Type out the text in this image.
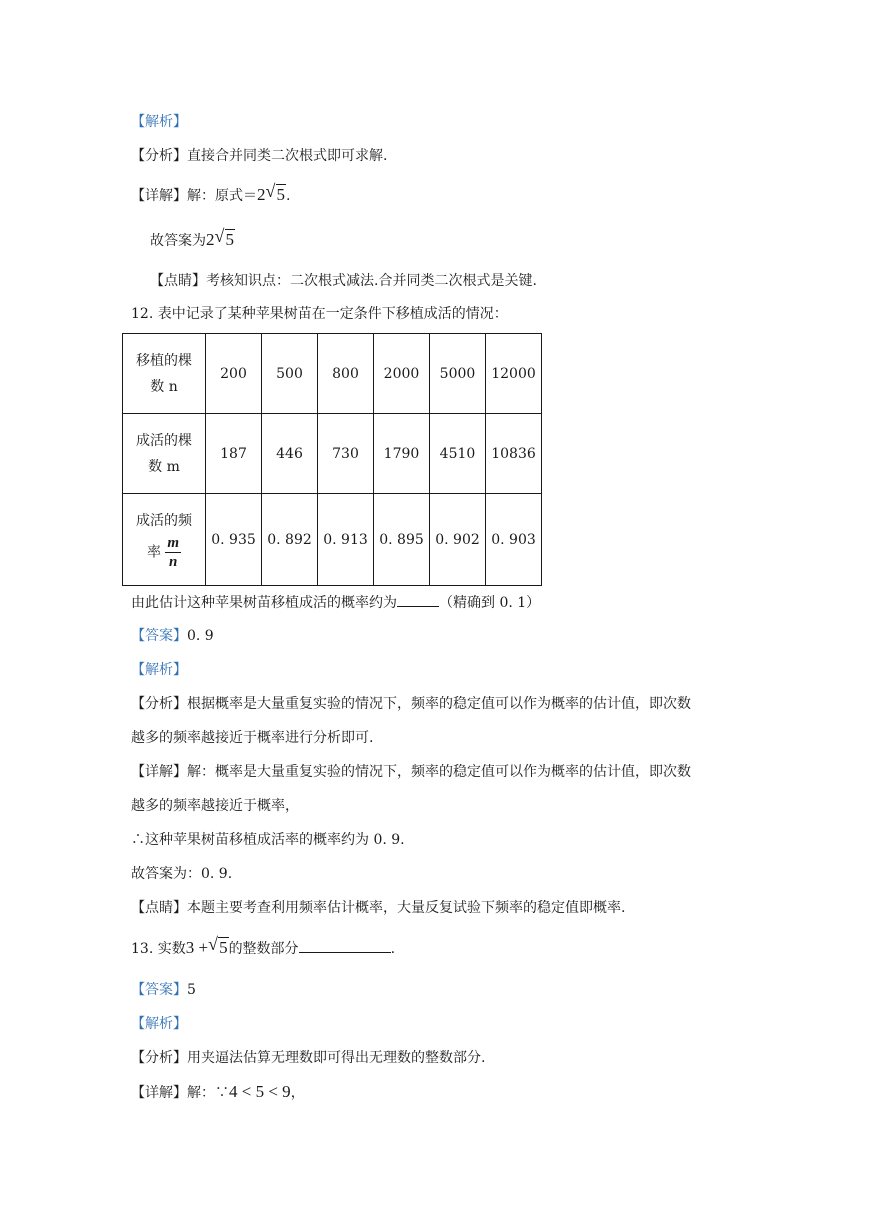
【解析】
【分析】直接合并同类二次根式即可求解.
【详解】解：原式＝2 √ 5.
故答案为2 √ 5
【点睛】考核知识点：二次根式减法.合并同类二次根式是关键.
12. 表中记录了某种苹果树苗在一定条件下移植成活的情况：
移植的棵
数 n	200	500	800	2000	5000	12000

成活的棵
数 m	187	446	730	1790	4510	10836

成活的频
率 $\frac{m}{n}$	0. 935	0. 892	0. 913	0. 895	0. 902	0. 903
由此估计这种苹果树苗移植成活的概率约为	（精确到 0. 1）
【答案】0. 9
【解析】
【分析】根据概率是大量重复实验的情况下，频率的稳定值可以作为概率的估计值，即次数
越多的频率越接近于概率进行分析即可.
【详解】解：概率是大量重复实验的情况下，频率的稳定值可以作为概率的估计值，即次数
越多的频率越接近于概率，
∴这种苹果树苗移植成活率的概率约为 0. 9.
故答案为：0. 9.
【点睛】本题主要考查利用频率估计概率，大量反复试验下频率的稳定值即概率.
13. 实数3 + √ 5的整数部分	.
【答案】5
【解析】
【分析】用夹逼法估算无理数即可得出无理数的整数部分.
【详解】解：∵4 < 5 < 9，
